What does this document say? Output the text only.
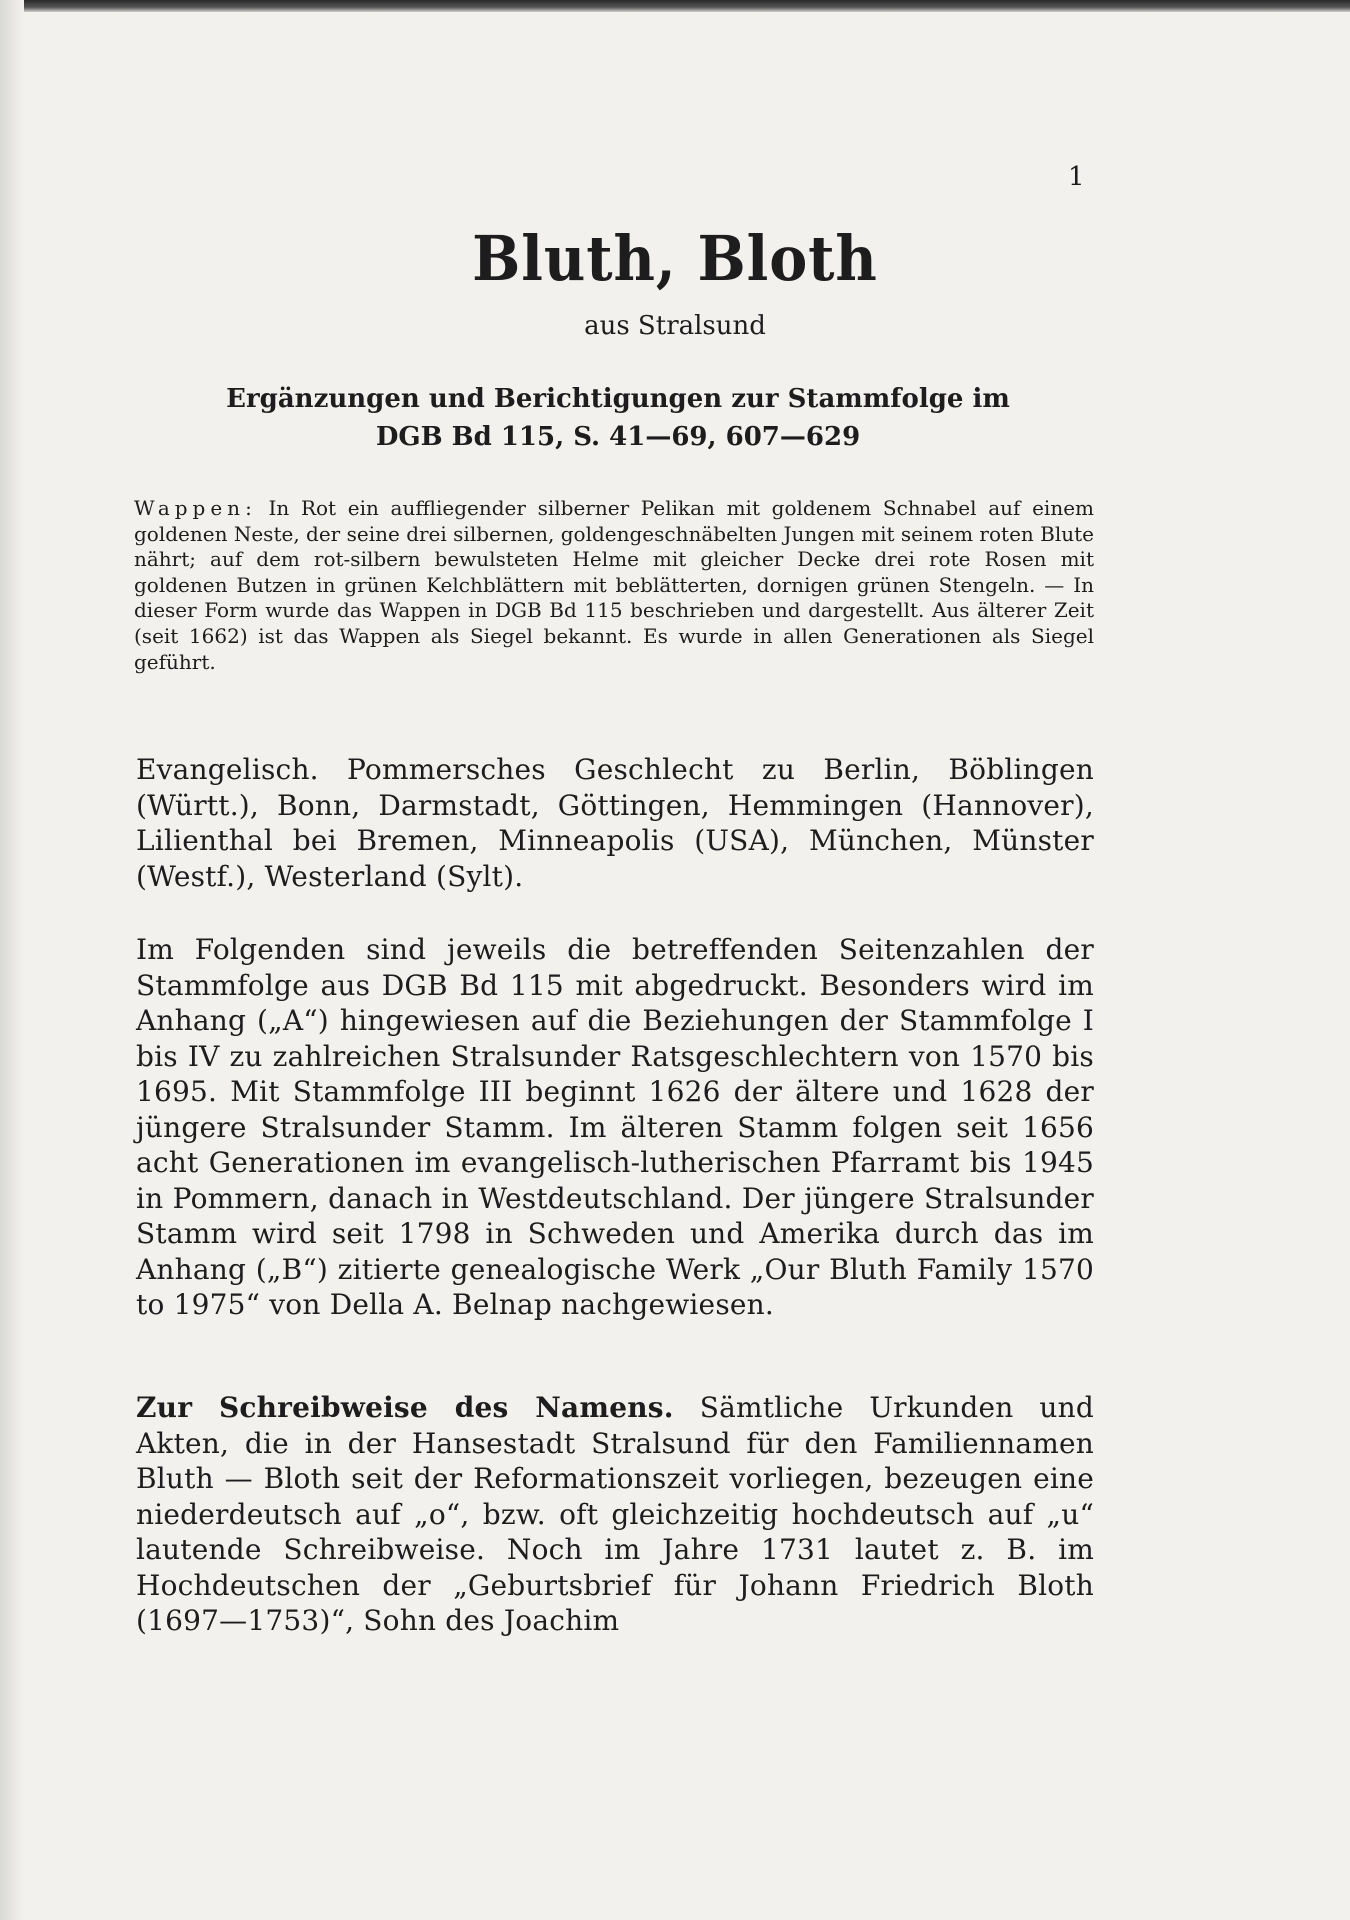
1
Bluth, Bloth
aus Stralsund
Ergänzungen und Berichtigungen zur Stammfolge im
DGB Bd 115, S. 41—69, 607—629
Wappen: In Rot ein auffliegender silberner Pelikan mit goldenem Schnabel auf einem goldenen Neste, der seine drei silbernen, goldengeschnäbelten Jungen mit seinem roten Blute nährt; auf dem rot-silbern bewulsteten Helme mit gleicher Decke drei rote Rosen mit goldenen Butzen in grünen Kelchblättern mit beblätterten, dornigen grünen Stengeln. — In dieser Form wurde das Wappen in DGB Bd 115 beschrieben und dargestellt. Aus älterer Zeit (seit 1662) ist das Wappen als Siegel bekannt. Es wurde in allen Generationen als Siegel geführt.
Evangelisch. Pommersches Geschlecht zu Berlin, Böblingen (Württ.), Bonn, Darmstadt, Göttingen, Hemmingen (Hannover), Lilienthal bei Bremen, Minneapolis (USA), München, Münster (Westf.), Westerland (Sylt).
Im Folgenden sind jeweils die betreffenden Seitenzahlen der Stammfolge aus DGB Bd 115 mit abgedruckt. Besonders wird im Anhang („A“) hingewiesen auf die Beziehungen der Stammfolge I bis IV zu zahlreichen Stralsunder Ratsgeschlechtern von 1570 bis 1695. Mit Stammfolge III beginnt 1626 der ältere und 1628 der jüngere Stralsunder Stamm. Im älteren Stamm folgen seit 1656 acht Generationen im evangelisch-lutherischen Pfarramt bis 1945 in Pommern, danach in Westdeutschland. Der jüngere Stralsunder Stamm wird seit 1798 in Schweden und Amerika durch das im Anhang („B“) zitierte genealogische Werk „Our Bluth Family 1570 to 1975“ von Della A. Belnap nachgewiesen.
Zur Schreibweise des Namens. Sämtliche Urkunden und Akten, die in der Hansestadt Stralsund für den Familiennamen Bluth — Bloth seit der Reformationszeit vorliegen, bezeugen eine niederdeutsch auf „o“, bzw. oft gleichzeitig hochdeutsch auf „u“ lautende Schreibweise. Noch im Jahre 1731 lautet z. B. im Hochdeutschen der „Geburtsbrief für Johann Friedrich Bloth (1697—1753)“, Sohn des Joachim
